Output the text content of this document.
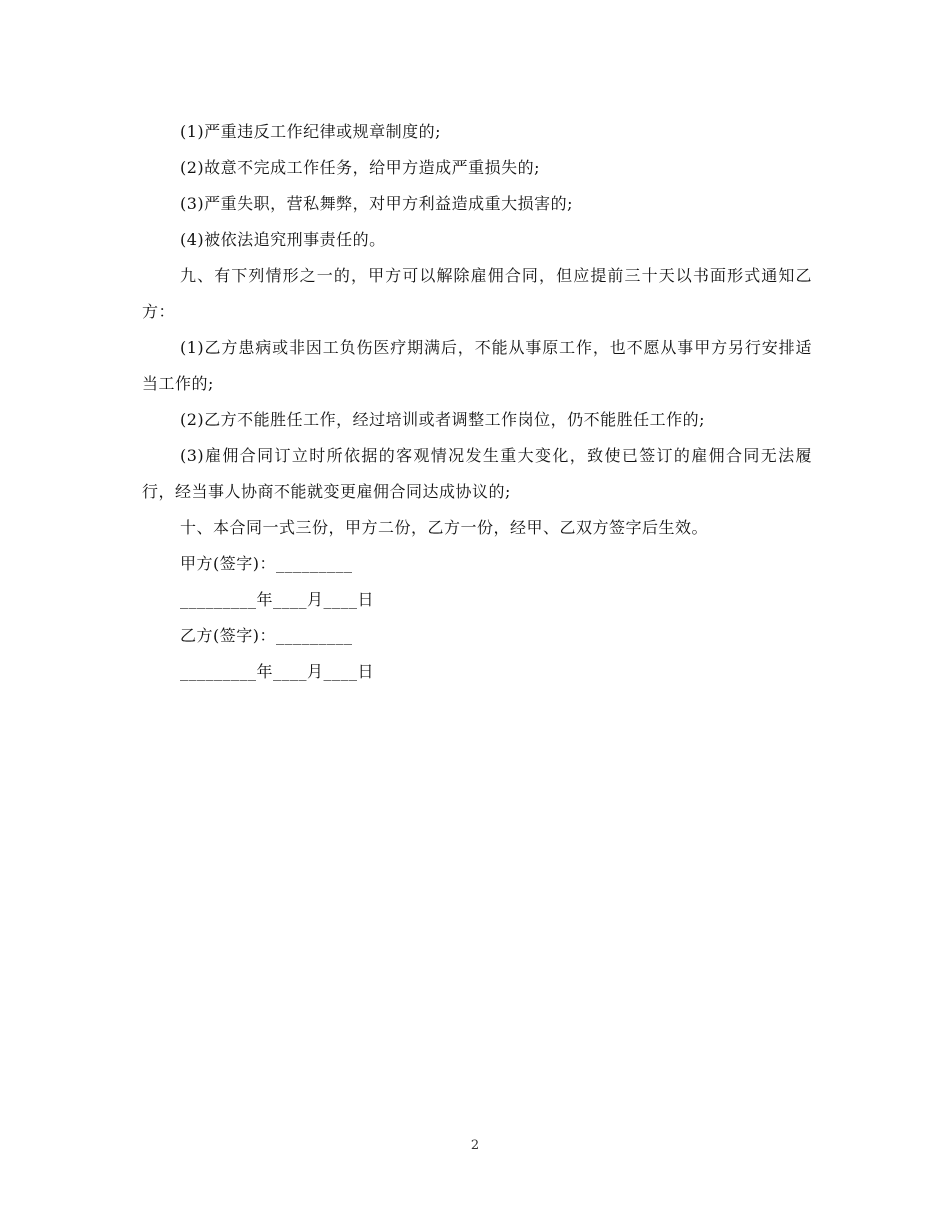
(1)严重违反工作纪律或规章制度的;

(2)故意不完成工作任务，给甲方造成严重损失的;

(3)严重失职，营私舞弊，对甲方利益造成重大损害的;

(4)被依法追究刑事责任的。

九、有下列情形之一的，甲方可以解除雇佣合同，但应提前三十天以书面形式通知乙方：

(1)乙方患病或非因工负伤医疗期满后，不能从事原工作，也不愿从事甲方另行安排适当工作的;

(2)乙方不能胜任工作，经过培训或者调整工作岗位，仍不能胜任工作的;

(3)雇佣合同订立时所依据的客观情况发生重大变化，致使已签订的雇佣合同无法履行，经当事人协商不能就变更雇佣合同达成协议的;

十、本合同一式三份，甲方二份，乙方一份，经甲、乙双方签字后生效。

甲方(签字)：_________

_________年____月____日

乙方(签字)：_________

_________年____月____日

2
